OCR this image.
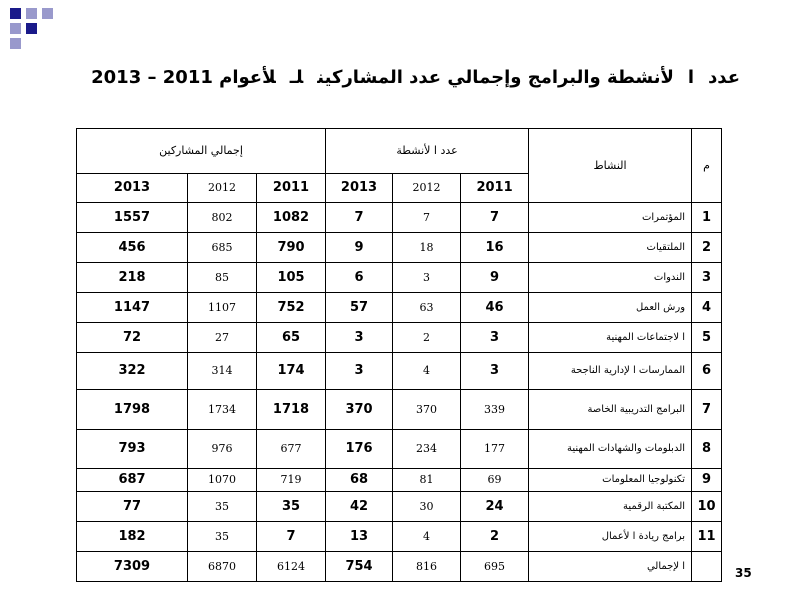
عددالأنشطة والبرامج وإجمالي عدد المشاركينلـلأعوام 2011 – 2013
م	النشاط	عدد ا لأنشطة			إجمالي المشاركين		
		2011	2012	2013	2011	2012	2013
1	المؤتمرات	7	7	7	1082	802	1557
2	الملتقيات	16	18	9	790	685	456
3	الندوات	9	3	6	105	85	218
4	ورش العمل	46	63	57	752	1107	1147
5	ا لاجتماعات المهنية	3	2	3	65	27	72
6	الممارسات ا لإدارية الناجحة	3	4	3	174	314	322
7	البرامج التدريبية الخاصة	339	370	370	1718	1734	1798
8	الدبلومات والشهادات المهنية	177	234	176	677	976	793
9	تكنولوجيا المعلومات	69	81	68	719	1070	687
10	المكتبة الرقمية	24	30	42	35	35	77
11	برامج ريادة ا لأعمال	2	4	13	7	35	182
	ا لإجمالي	695	816	754	6124	6870	7309	35
